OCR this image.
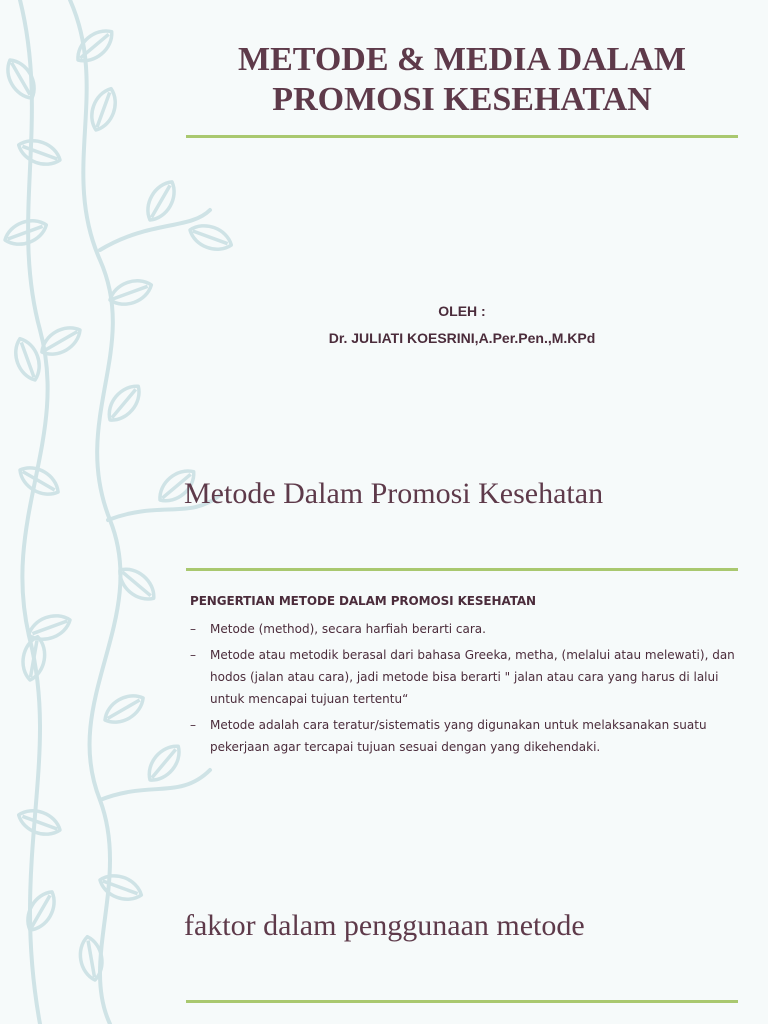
METODE & MEDIA DALAM
PROMOSI KESEHATAN
OLEH :
Dr. JULIATI KOESRINI,A.Per.Pen.,M.KPd
Metode Dalam Promosi Kesehatan

PENGERTIAN METODE DALAM PROMOSI KESEHATAN

– Metode (method), secara harfiah berarti cara.
– Metode atau metodik berasal dari bahasa Greeka, metha, (melalui atau melewati), dan hodos (jalan atau cara), jadi metode bisa berarti " jalan atau cara yang harus di lalui untuk mencapai tujuan tertentu“
– Metode adalah cara teratur/sistematis yang digunakan untuk melaksanakan suatu pekerjaan agar tercapai tujuan sesuai dengan yang dikehendaki.
faktor dalam penggunaan metode
